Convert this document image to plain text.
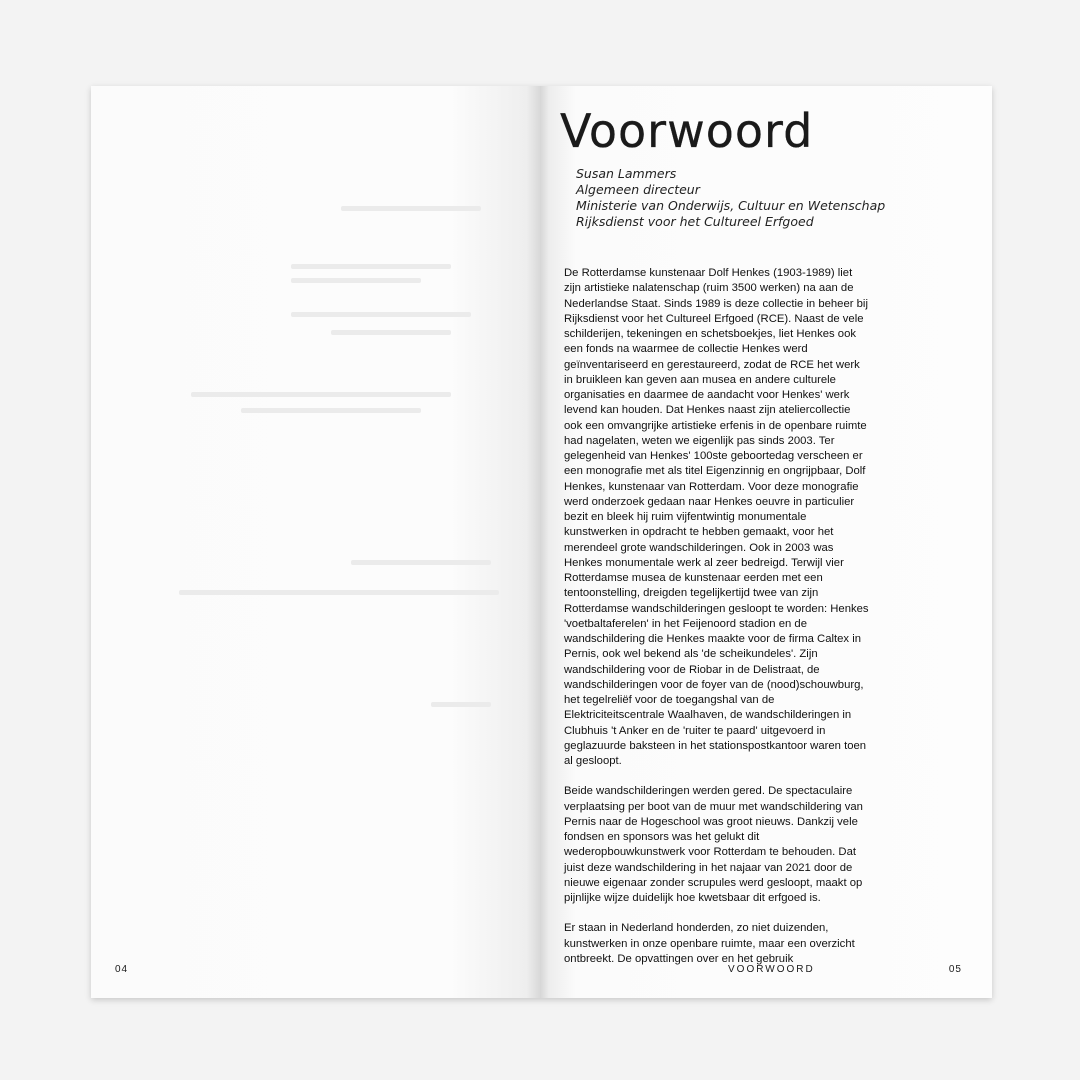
04
Voorwoord
Susan Lammers
Algemeen directeur
Ministerie van Onderwijs, Cultuur en Wetenschap
Rijksdienst voor het Cultureel Erfgoed

De Rotterdamse kunstenaar Dolf Henkes (1903-1989) liet zijn artistieke nalatenschap (ruim 3500 werken) na aan de Nederlandse Staat. Sinds 1989 is deze collectie in beheer bij Rijksdienst voor het Cultureel Erfgoed (RCE). Naast de vele schilderijen, tekeningen en schetsboekjes, liet Henkes ook een fonds na waarmee de collectie Henkes werd geïnventariseerd en gerestaureerd, zodat de RCE het werk in bruikleen kan geven aan musea en andere culturele organisaties en daarmee de aandacht voor Henkes' werk levend kan houden. Dat Henkes naast zijn ateliercollectie ook een omvangrijke artistieke erfenis in de openbare ruimte had nagelaten, weten we eigenlijk pas sinds 2003. Ter gelegenheid van Henkes' 100ste geboortedag verscheen er een monografie met als titel Eigenzinnig en ongrijpbaar, Dolf Henkes, kunstenaar van Rotterdam. Voor deze monografie werd onderzoek gedaan naar Henkes oeuvre in particulier bezit en bleek hij ruim vijfentwintig monumentale kunstwerken in opdracht te hebben gemaakt, voor het merendeel grote wandschilderingen. Ook in 2003 was Henkes monumentale werk al zeer bedreigd. Terwijl vier Rotterdamse musea de kunstenaar eerden met een tentoonstelling, dreigden tegelijkertijd twee van zijn Rotterdamse wandschilderingen gesloopt te worden: Henkes 'voetbaltaferelen' in het Feijenoord stadion en de wandschildering die Henkes maakte voor de firma Caltex in Pernis, ook wel bekend als 'de scheikundeles'. Zijn wandschildering voor de Riobar in de Delistraat, de wandschilderingen voor de foyer van de (nood)schouwburg, het tegelreliëf voor de toegangshal van de Elektriciteitscentrale Waalhaven, de wandschilderingen in Clubhuis 't Anker en de 'ruiter te paard' uitgevoerd in geglazuurde baksteen in het stationspostkantoor waren toen al gesloopt.

Beide wandschilderingen werden gered. De spectaculaire verplaatsing per boot van de muur met wandschildering van Pernis naar de Hogeschool was groot nieuws. Dankzij vele fondsen en sponsors was het gelukt dit wederopbouwkunstwerk voor Rotterdam te behouden. Dat juist deze wandschildering in het najaar van 2021 door de nieuwe eigenaar zonder scrupules werd gesloopt, maakt op pijnlijke wijze duidelijk hoe kwetsbaar dit erfgoed is.

Er staan in Nederland honderden, zo niet duizenden, kunstwerken in onze openbare ruimte, maar een overzicht ontbreekt. De opvattingen over en het gebruik

VOORWOORD	05
